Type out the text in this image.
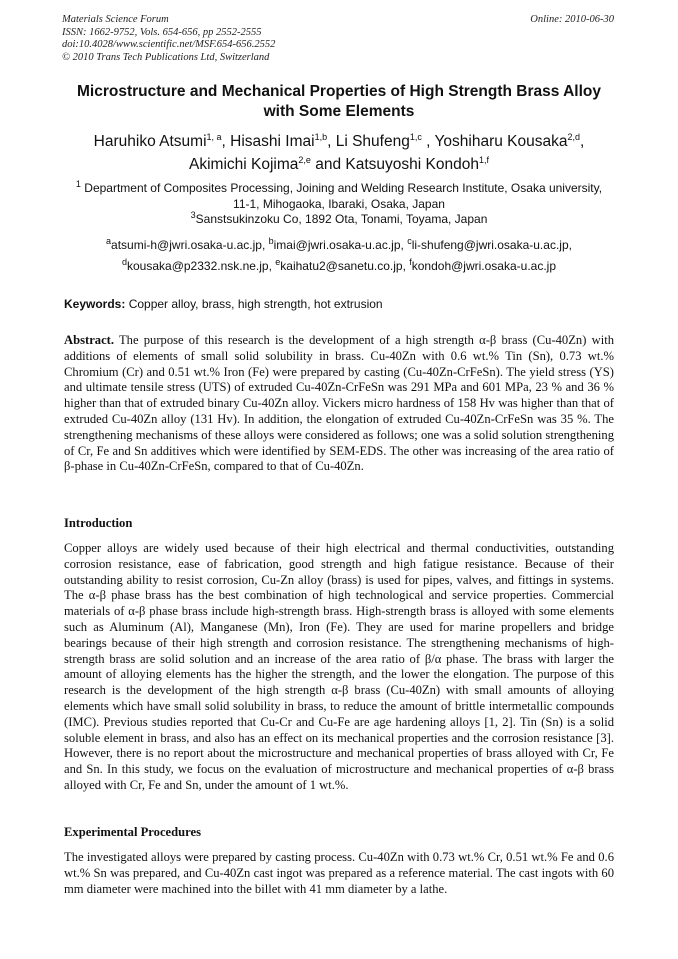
Materials Science Forum
ISSN: 1662-9752, Vols. 654-656, pp 2552-2555
doi:10.4028/www.scientific.net/MSF.654-656.2552
© 2010 Trans Tech Publications Ltd, Switzerland
Online: 2010-06-30
Microstructure and Mechanical Properties of High Strength Brass Alloy
with Some Elements
Haruhiko Atsumi$^{1, a}$, Hisashi Imai$^{1,b}$, Li Shufeng$^{1,c}$ , Yoshiharu Kousaka$^{2,d}$,
Akimichi Kojima$^{2,e}$ and Katsuyoshi Kondoh$^{1,f}$
$^1$ Department of Composites Processing, Joining and Welding Research Institute, Osaka university,
11-1, Mihogaoka, Ibaraki, Osaka, Japan
$^3$Sanstsukinzoku Co, 1892 Ota, Tonami, Toyama, Japan
$^a$atsumi-h@jwri.osaka-u.ac.jp, $^b$imai@jwri.osaka-u.ac.jp, $^c$li-shufeng@jwri.osaka-u.ac.jp,
$^d$kousaka@p2332.nsk.ne.jp, $^e$kaihatu2@sanetu.co.jp, $^f$kondoh@jwri.osaka-u.ac.jp
Keywords: Copper alloy, brass, high strength, hot extrusion
Abstract. The purpose of this research is the development of a high strength α-β brass (Cu-40Zn) with additions of elements of small solid solubility in brass. Cu-40Zn with 0.6 wt.% Tin (Sn), 0.73 wt.% Chromium (Cr) and 0.51 wt.% Iron (Fe) were prepared by casting (Cu-40Zn-CrFeSn). The yield stress (YS) and ultimate tensile stress (UTS) of extruded Cu-40Zn-CrFeSn was 291 MPa and 601 MPa, 23 % and 36 % higher than that of extruded binary Cu-40Zn alloy. Vickers micro hardness of 158 Hv was higher than that of extruded Cu-40Zn alloy (131 Hv). In addition, the elongation of extruded Cu-40Zn-CrFeSn was 35 %. The strengthening mechanisms of these alloys were considered as follows; one was a solid solution strengthening of Cr, Fe and Sn additives which were identified by SEM-EDS. The other was increasing of the area ratio of β-phase in Cu-40Zn-CrFeSn, compared to that of Cu-40Zn.
Introduction
Copper alloys are widely used because of their high electrical and thermal conductivities, outstanding corrosion resistance, ease of fabrication, good strength and high fatigue resistance. Because of their outstanding ability to resist corrosion, Cu-Zn alloy (brass) is used for pipes, valves, and fittings in systems. The α-β phase brass has the best combination of high technological and service properties. Commercial materials of α-β phase brass include high-strength brass. High-strength brass is alloyed with some elements such as Aluminum (Al), Manganese (Mn), Iron (Fe). They are used for marine propellers and bridge bearings because of their high strength and corrosion resistance. The strengthening mechanisms of high-strength brass are solid solution and an increase of the area ratio of β/α phase. The brass with larger the amount of alloying elements has the higher the strength, and the lower the elongation. The purpose of this research is the development of the high strength α-β brass (Cu-40Zn) with small amounts of alloying elements which have small solid solubility in brass, to reduce the amount of brittle intermetallic compounds (IMC). Previous studies reported that Cu-Cr and Cu-Fe are age hardening alloys [1, 2]. Tin (Sn) is a solid soluble element in brass, and also has an effect on its mechanical properties and the corrosion resistance [3]. However, there is no report about the microstructure and mechanical properties of brass alloyed with Cr, Fe and Sn. In this study, we focus on the evaluation of microstructure and mechanical properties of α-β brass alloyed with Cr, Fe and Sn, under the amount of 1 wt.%.
Experimental Procedures
The investigated alloys were prepared by casting process. Cu-40Zn with 0.73 wt.% Cr, 0.51 wt.% Fe and 0.6 wt.% Sn was prepared, and Cu-40Zn cast ingot was prepared as a reference material. The cast ingots with 60 mm diameter were machined into the billet with 41 mm diameter by a lathe.
